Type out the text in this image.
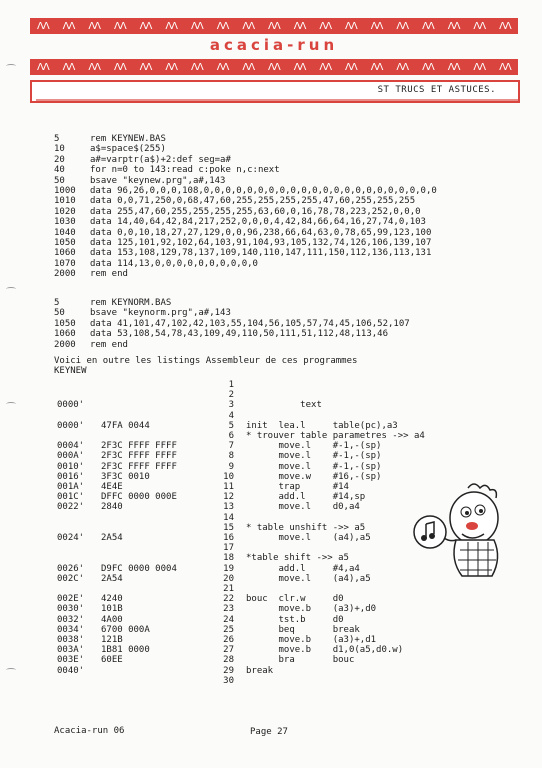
ΛΛ ΛΛ ΛΛ ΛΛ ΛΛ ΛΛ ΛΛ ΛΛ ΛΛ ΛΛ ΛΛ ΛΛ ΛΛ ΛΛ ΛΛ ΛΛ ΛΛ ΛΛ ΛΛ
acacia-run
ΛΛ ΛΛ ΛΛ ΛΛ ΛΛ ΛΛ ΛΛ ΛΛ ΛΛ ΛΛ ΛΛ ΛΛ ΛΛ ΛΛ ΛΛ ΛΛ ΛΛ ΛΛ ΛΛ
ST TRUCS ET ASTUCES.
5	rem KEYNEW.BAS
10	a$=space$(255)
20	a#=varptr(a$)+2:def seg=a#
40	for n=0 to 143:read c:poke n,c:next
50	bsave "keynew.prg",a#,143
1000 data 96,26,0,0,0,108,0,0,0,0,0,0,0,0,0,0,0,0,0,0,0,0,0,0,0,0,0,0
1010 data 0,0,71,250,0,68,47,60,255,255,255,255,47,60,255,255,255
1020 data 255,47,60,255,255,255,255,63,60,0,16,78,78,223,252,0,0,0
1030 data 14,40,64,42,84,217,252,0,0,0,4,42,84,66,64,16,27,74,0,103
1040 data 0,0,10,18,27,27,129,0,0,96,238,66,64,63,0,78,65,99,123,100
1050 data 125,101,92,102,64,103,91,104,93,105,132,74,126,106,139,107
1060 data 153,108,129,78,137,109,140,110,147,111,150,112,136,113,131
1070 data 114,13,0,0,0,0,0,0,0,0,0,0
2000 rem end
5	rem KEYNORM.BAS
50	bsave "keynorm.prg",a#,143
1050 data 41,101,47,102,42,103,55,104,56,105,57,74,45,106,52,107
1060 data 53,108,54,78,43,109,49,110,50,111,51,112,48,113,46
2000 rem end
Voici en outre les listings Assembleur de ces programmes
KEYNEW
1
2
0000'	3 text
4
0000' 47FA 0044	5 init  lea.l     table(pc),a3
6 * trouver table parametres ->> a4
0004' 2F3C FFFF FFFF	7 move.l    #-1,-(sp)
000A' 2F3C FFFF FFFF	8 move.l    #-1,-(sp)
0010' 2F3C FFFF FFFF	9 move.l    #-1,-(sp)
0016' 3F3C 0010	10 move.w    #16,-(sp)
001A' 4E4E	11 trap      #14
001C' DFFC 0000 000E	12 add.l     #14,sp
0022' 2840	13 move.l    d0,a4
14
15 * table unshift ->> a5
0024' 2A54	16 move.l    (a4),a5
17
18 *table shift ->> a5
0026' D9FC 0000 0004	19 add.l     #4,a4
002C' 2A54	20 move.l    (a4),a5
21
002E' 4240	22 bouc  clr.w     d0
0030' 101B	23 move.b    (a3)+,d0
0032' 4A00	24 tst.b     d0
0034' 6700 000A	25 beq       break
0038' 121B	26 move.b    (a3)+,d1
003A' 1B81 0000	27 move.b    d1,0(a5,d0.w)
003E' 60EE	28 bra       bouc
0040'	29 break
30
Acacia-run 06	Page 27
